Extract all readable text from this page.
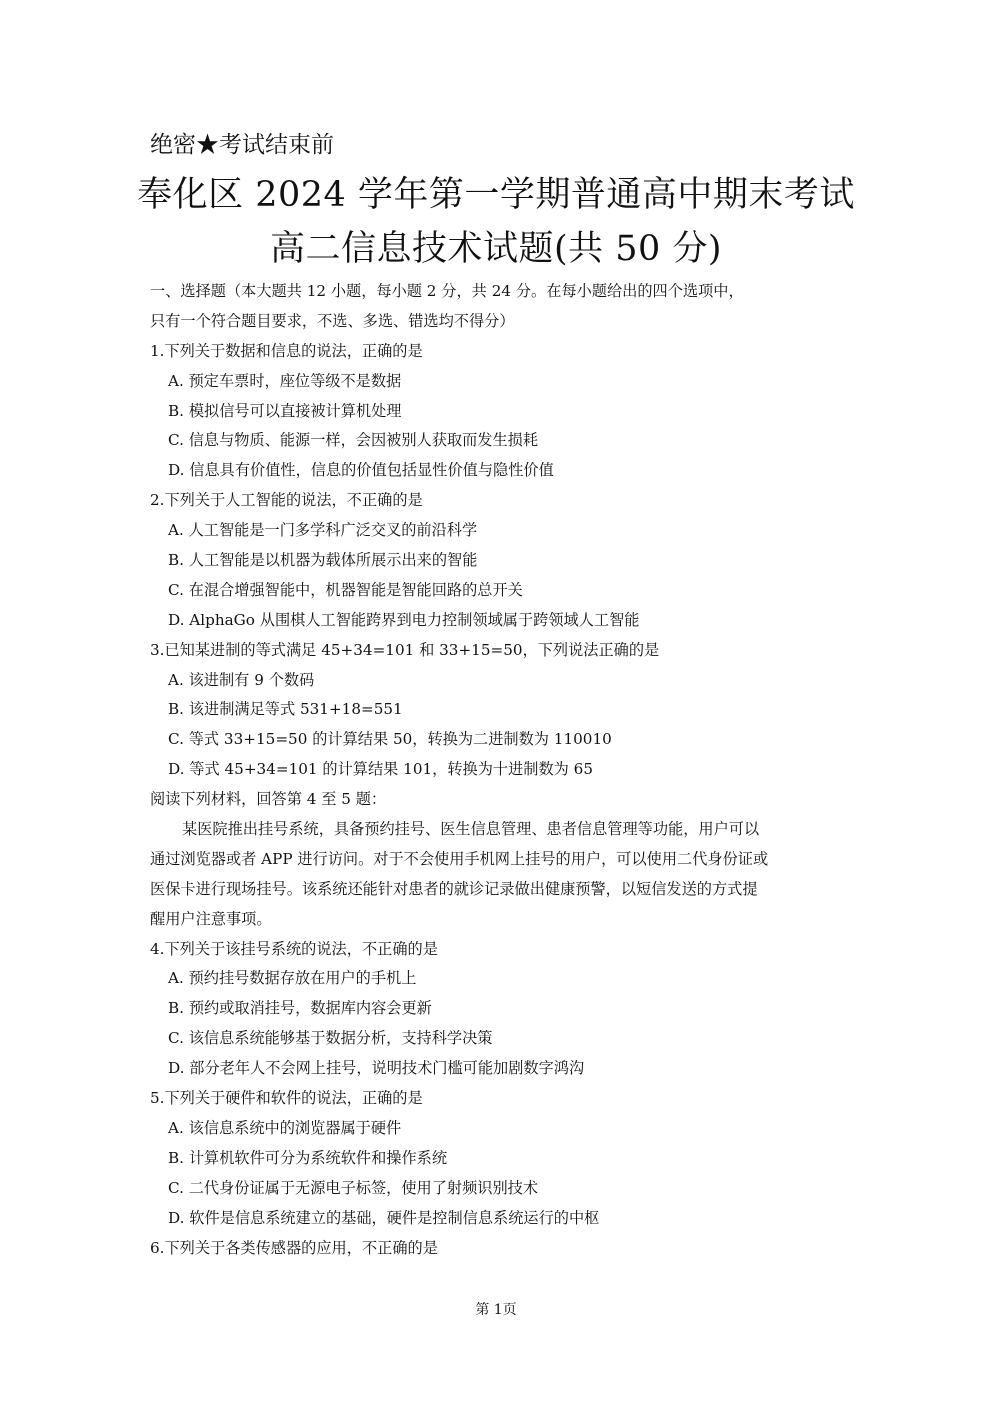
绝密★考试结束前
奉化区 2024 学年第一学期普通高中期末考试
高二信息技术试题(共 50 分)
一、选择题（本大题共 12 小题，每小题 2 分，共 24 分。在每小题给出的四个选项中，
只有一个符合题目要求，不选、多选、错选均不得分）
1.下列关于数据和信息的说法，正确的是
A. 预定车票时，座位等级不是数据
B. 模拟信号可以直接被计算机处理
C. 信息与物质、能源一样，会因被别人获取而发生损耗
D. 信息具有价值性，信息的价值包括显性价值与隐性价值
2.下列关于人工智能的说法，不正确的是
A. 人工智能是一门多学科广泛交叉的前沿科学
B. 人工智能是以机器为载体所展示出来的智能
C. 在混合增强智能中，机器智能是智能回路的总开关
D. AlphaGo 从围棋人工智能跨界到电力控制领域属于跨领域人工智能
3.已知某进制的等式满足 45+34=101 和 33+15=50，下列说法正确的是
A. 该进制有 9 个数码
B. 该进制满足等式 531+18=551
C. 等式 33+15=50 的计算结果 50，转换为二进制数为 110010
D. 等式 45+34=101 的计算结果 101，转换为十进制数为 65
阅读下列材料，回答第 4 至 5 题：
某医院推出挂号系统，具备预约挂号、医生信息管理、患者信息管理等功能，用户可以
通过浏览器或者 APP 进行访问。对于不会使用手机网上挂号的用户，可以使用二代身份证或
医保卡进行现场挂号。该系统还能针对患者的就诊记录做出健康预警，以短信发送的方式提
醒用户注意事项。
4.下列关于该挂号系统的说法，不正确的是
A. 预约挂号数据存放在用户的手机上
B. 预约或取消挂号，数据库内容会更新
C. 该信息系统能够基于数据分析，支持科学决策
D. 部分老年人不会网上挂号，说明技术门槛可能加剧数字鸿沟
5.下列关于硬件和软件的说法，正确的是
A. 该信息系统中的浏览器属于硬件
B. 计算机软件可分为系统软件和操作系统
C. 二代身份证属于无源电子标签，使用了射频识别技术
D. 软件是信息系统建立的基础，硬件是控制信息系统运行的中枢
6.下列关于各类传感器的应用，不正确的是
第 1页
